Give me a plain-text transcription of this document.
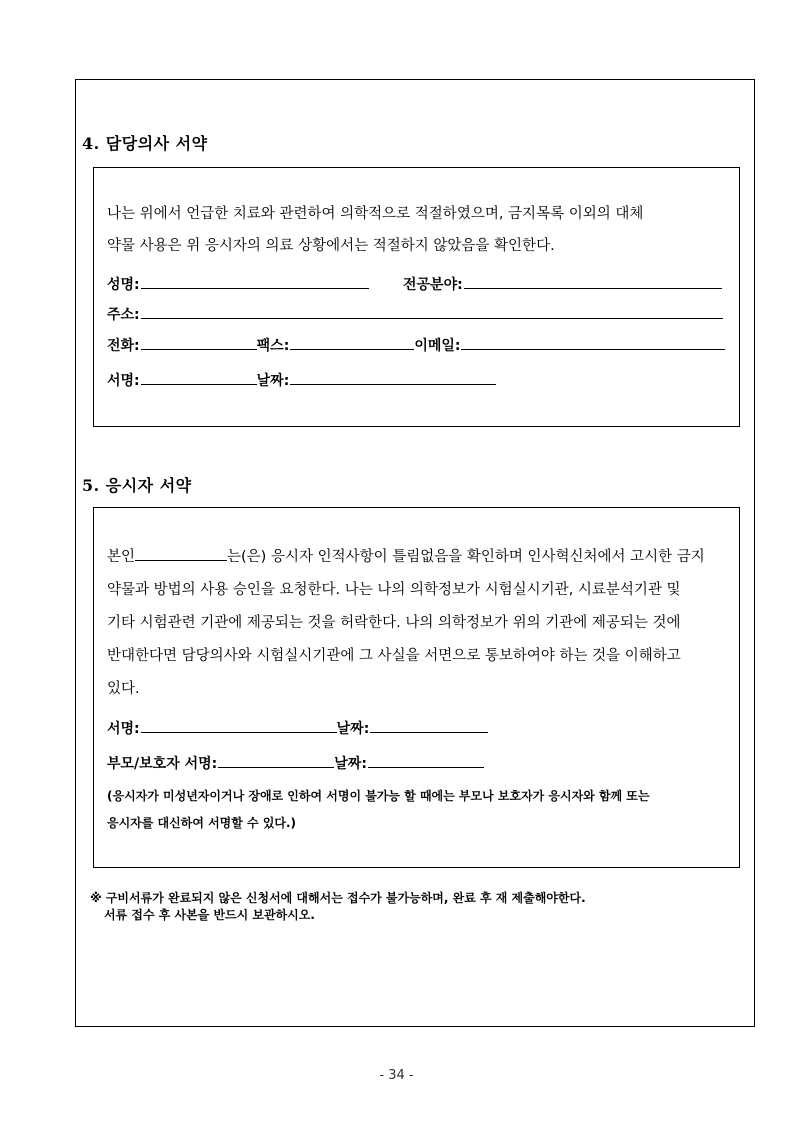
4. 담당의사 서약

나는 위에서 언급한 치료와 관련하여 의학적으로 적절하였으며, 금지목록 이외의 대체

약물 사용은 위 응시자의 의료 상황에서는 적절하지 않았음을 확인한다.

성명:	전공분야:
주소:
전화:	팩스:	이메일:
서명:	날짜:
5. 응시자 서약

본인	는(은) 응시자 인적사항이 틀림없음을 확인하며 인사혁신처에서 고시한 금지

약물과 방법의 사용 승인을 요청한다. 나는 나의 의학정보가 시험실시기관, 시료분석기관 및

기타 시험관련 기관에 제공되는 것을 허락한다. 나의 의학정보가 위의 기관에 제공되는 것에

반대한다면 담당의사와 시험실시기관에 그 사실을 서면으로 통보하여야 하는 것을 이해하고

있다.

서명:	날짜:
부모/보호자 서명:	날짜:
(응시자가 미성년자이거나 장애로 인하여 서명이 불가능 할 때에는 부모나 보호자가 응시자와 함께 또는
응시자를 대신하여 서명할 수 있다.)
※ 구비서류가 완료되지 않은 신청서에 대해서는 접수가 불가능하며, 완료 후 재 제출해야한다.
서류 접수 후 사본을 반드시 보관하시오.
- 34 -
